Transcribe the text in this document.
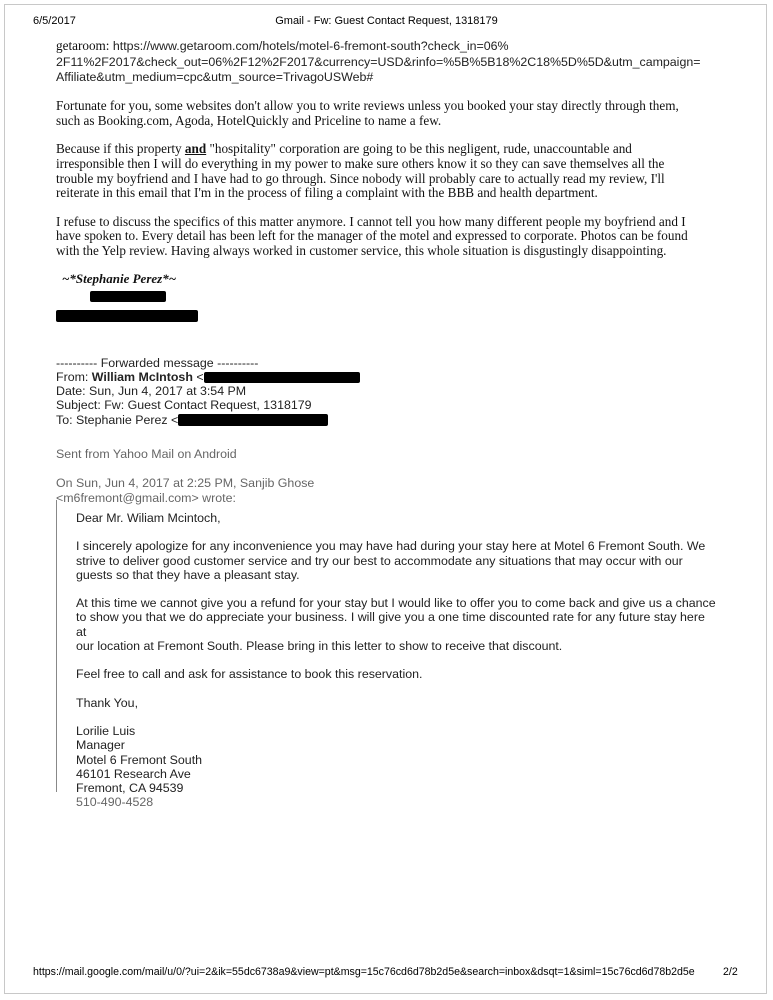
6/5/2017	Gmail - Fw: Guest Contact Request, 1318179

getaroom: https://www.getaroom.com/hotels/motel-6-fremont-south?check_in=06%
2F11%2F2017&check_out=06%2F12%2F2017&currency=USD&rinfo=%5B%5B18%2C18%5D%5D&utm_campaign=
Affiliate&utm_medium=cpc&utm_source=TrivagoUSWeb#

Fortunate for you, some websites don't allow you to write reviews unless you booked your stay directly through them,
such as Booking.com, Agoda, HotelQuickly and Priceline to name a few.

Because if this property and "hospitality" corporation are going to be this negligent, rude, unaccountable and
irresponsible then I will do everything in my power to make sure others know it so they can save themselves all the
trouble my boyfriend and I have had to go through. Since nobody will probably care to actually read my review, I'll
reiterate in this email that I'm in the process of filing a complaint with the BBB and health department.

I refuse to discuss the specifics of this matter anymore. I cannot tell you how many different people my boyfriend and I
have spoken to. Every detail has been left for the manager of the motel and expressed to corporate. Photos can be found
with the Yelp review. Having always worked in customer service, this whole situation is disgustingly disappointing.

~*Stephanie Perez*~
---------- Forwarded message ----------
From: William McIntosh <
Date: Sun, Jun 4, 2017 at 3:54 PM
Subject: Fw: Guest Contact Request, 1318179
To: Stephanie Perez <
Sent from Yahoo Mail on Android
On Sun, Jun 4, 2017 at 2:25 PM, Sanjib Ghose
<m6fremont@gmail.com> wrote:

Dear Mr. Wiliam Mcintoch,

I sincerely apologize for any inconvenience you may have had during your stay here at Motel 6 Fremont South. We
strive to deliver good customer service and try our best to accommodate any situations that may occur with our
guests so that they have a pleasant stay.

At this time we cannot give you a refund for your stay but I would like to offer you to come back and give us a chance
to show you that we do appreciate your business. I will give you a one time discounted rate for any future stay here at
our location at Fremont South. Please bring in this letter to show to receive that discount.

Feel free to call and ask for assistance to book this reservation.

Thank You,

Lorilie Luis
Manager
Motel 6 Fremont South
46101 Research Ave
Fremont, CA 94539
510-490-4528
https://mail.google.com/mail/u/0/?ui=2&ik=55dc6738a9&view=pt&msg=15c76cd6d78b2d5e&search=inbox&dsqt=1&siml=15c76cd6d78b2d5e	2/2
